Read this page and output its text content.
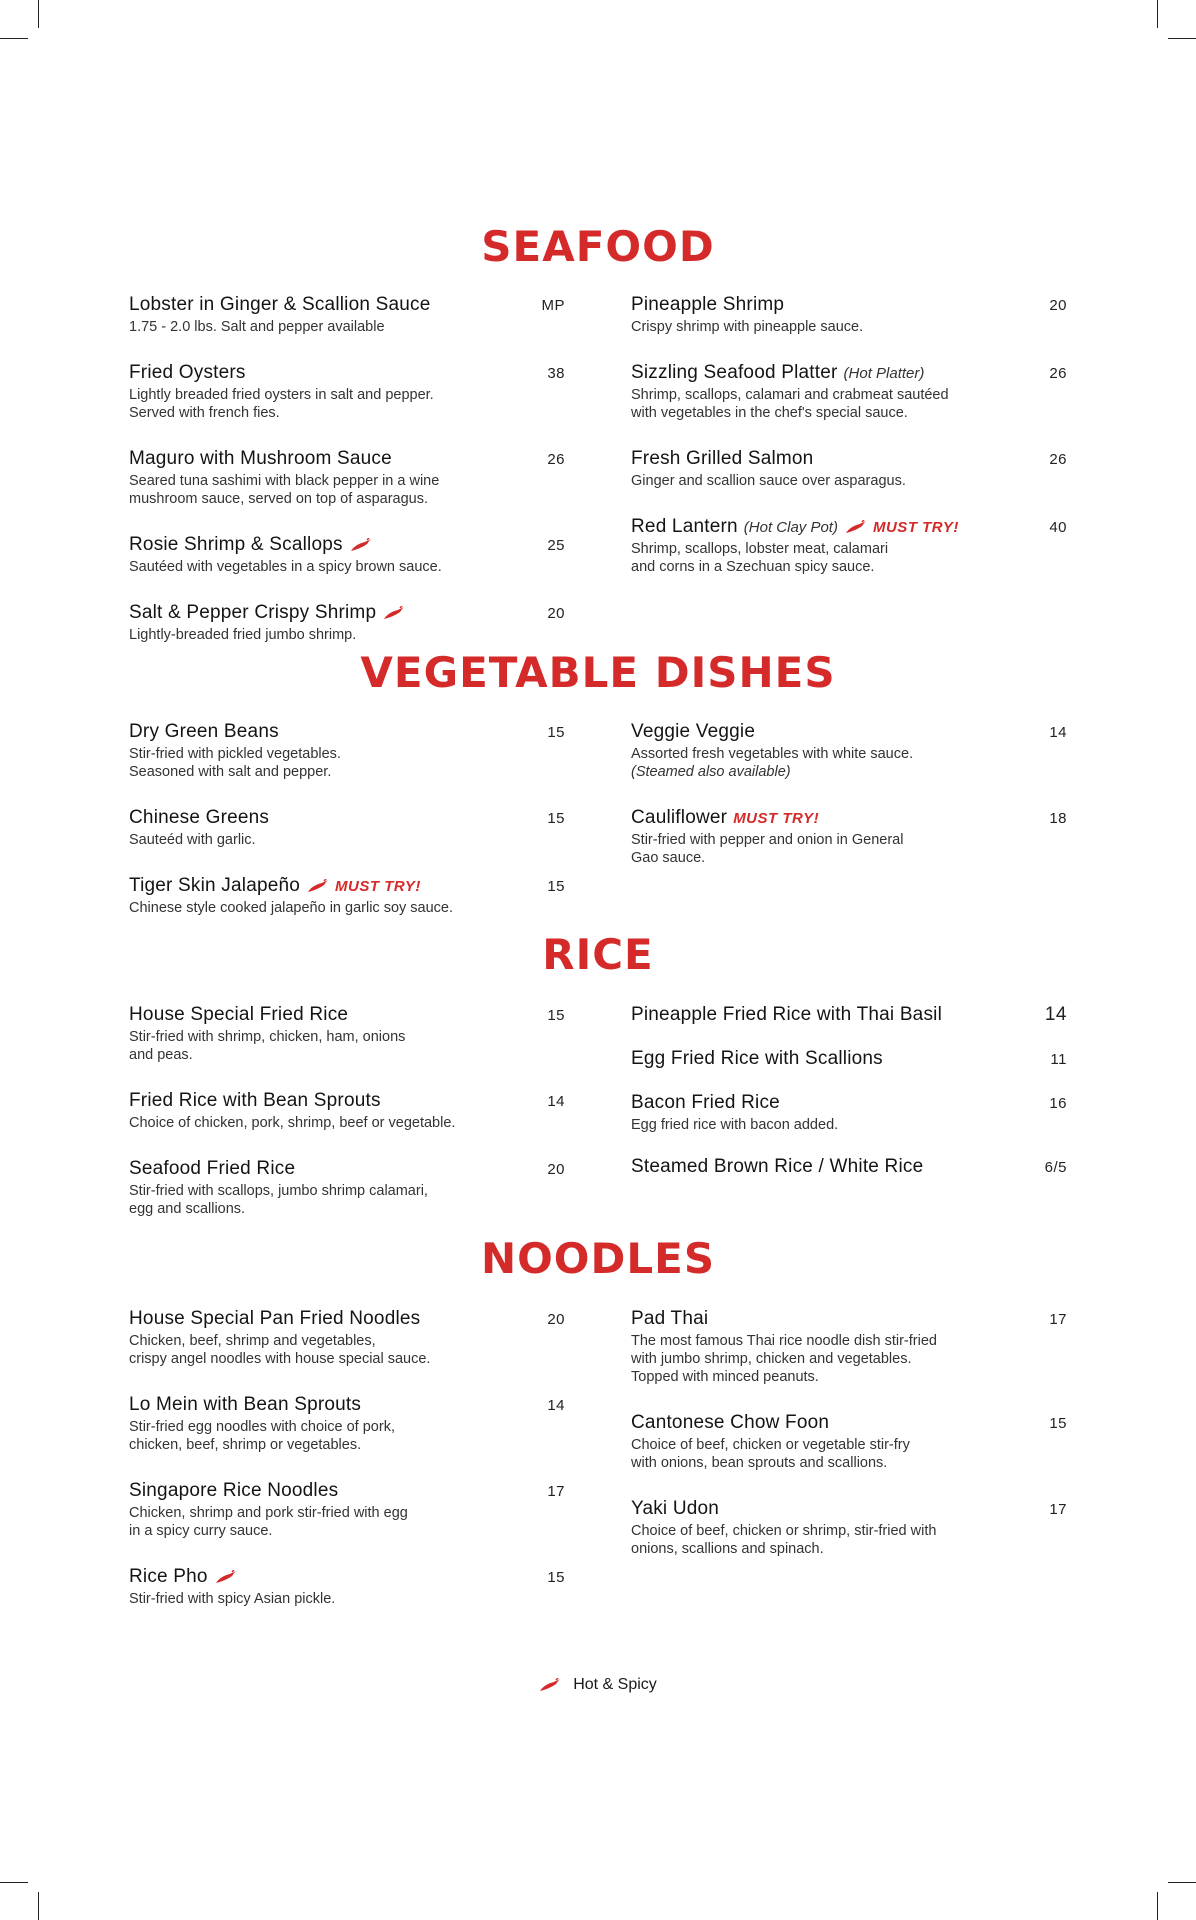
SEAFOOD
Lobster in Ginger & Scallion Sauce	MP
1.75 - 2.0 lbs. Salt and pepper available
Fried Oysters	38
Lightly breaded fried oysters in salt and pepper.
Served with french fies.
Maguro with Mushroom Sauce	26
Seared tuna sashimi with black pepper in a wine
mushroom sauce, served on top of asparagus.
Rosie Shrimp & Scallops	25
Sautéed with vegetables in a spicy brown sauce.
Salt & Pepper Crispy Shrimp	20
Lightly-breaded fried jumbo shrimp.
Pineapple Shrimp	20
Crispy shrimp with pineapple sauce.
Sizzling Seafood Platter (Hot Platter)	26
Shrimp, scallops, calamari and crabmeat sautéed
with vegetables in the chef's special sauce.
Fresh Grilled Salmon	26
Ginger and scallion sauce over asparagus.
Red Lantern (Hot Clay Pot) MUST TRY!	40
Shrimp, scallops, lobster meat, calamari
and corns in a Szechuan spicy sauce.
VEGETABLE DISHES
Dry Green Beans	15
Stir-fried with pickled vegetables.
Seasoned with salt and pepper.
Chinese Greens	15
Sauteéd with garlic.
Tiger Skin Jalapeño MUST TRY!	15
Chinese style cooked jalapeño in garlic soy sauce.
Veggie Veggie	14
Assorted fresh vegetables with white sauce.
(Steamed also available)
Cauliflower MUST TRY!	18
Stir-fried with pepper and onion in General
Gao sauce.
RICE
House Special Fried Rice	15
Stir-fried with shrimp, chicken, ham, onions
and peas.
Fried Rice with Bean Sprouts	14
Choice of chicken, pork, shrimp, beef or vegetable.
Seafood Fried Rice	20
Stir-fried with scallops, jumbo shrimp calamari,
egg and scallions.
Pineapple Fried Rice with Thai Basil	14
Egg Fried Rice with Scallions	11
Bacon Fried Rice	16
Egg fried rice with bacon added.
Steamed Brown Rice / White Rice	6/5
NOODLES
House Special Pan Fried Noodles	20
Chicken, beef, shrimp and vegetables,
crispy angel noodles with house special sauce.
Lo Mein with Bean Sprouts	14
Stir-fried egg noodles with choice of pork,
chicken, beef, shrimp or vegetables.
Singapore Rice Noodles	17
Chicken, shrimp and pork stir-fried with egg
in a spicy curry sauce.
Rice Pho	15
Stir-fried with spicy Asian pickle.
Pad Thai	17
The most famous Thai rice noodle dish stir-fried
with jumbo shrimp, chicken and vegetables.
Topped with minced peanuts.
Cantonese Chow Foon	15
Choice of beef, chicken or vegetable stir-fry
with onions, bean sprouts and scallions.
Yaki Udon	17
Choice of beef, chicken or shrimp, stir-fried with
onions, scallions and spinach.
Hot & Spicy
